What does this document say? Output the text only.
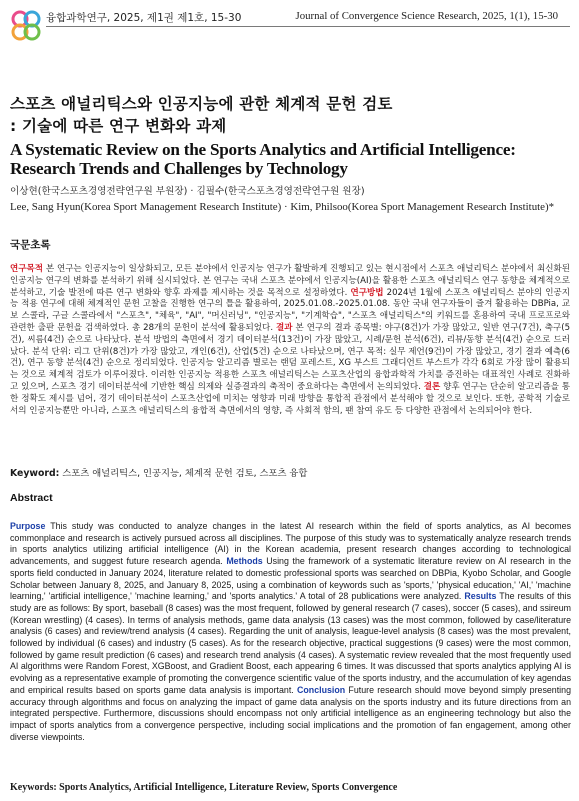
융합과학연구, 2025, 제1권 제1호, 15-30	Journal of Convergence Science Research, 2025, 1(1), 15-30
스포츠 애널리틱스와 인공지능에 관한 체계적 문헌 검토
: 기술에 따른 연구 변화와 과제
A Systematic Review on the Sports Analytics and Artificial Intelligence: Research Trends and Challenges by Technology
이상현(한국스포츠경영전략연구원 부원장) · 김필수(한국스포츠경영전략연구원 원장)
Lee, Sang Hyun(Korea Sport Management Research Institute) · Kim, Philsoo(Korea Sport Management Research Institute)*
국문초록
연구목적 본 연구는 인공지능이 일상화되고, 모든 분야에서 인공지능 연구가 활발하게 진행되고 있는 현시점에서 스포츠 애널리틱스 분야에서 최신화된 인공지능 연구의 변화를 분석하기 위해 실시되었다. 본 연구는 국내 스포츠 분야에서 인공지능(AI)을 활용한 스포츠 애널리틱스 연구 동향을 체계적으로 분석하고, 기술 발전에 따른 연구 변화와 향후 과제를 제시하는 것을 목적으로 설정하였다. 연구방법 2024년 1월에 스포츠 애널리틱스 분야의 인공지능 적용 연구에 대해 체계적인 문헌 고찰을 진행한 연구의 틀을 활용하여, 2025.01.08.-2025.01.08. 동안 국내 연구자들이 즐겨 활용하는 DBPia, 교보 스콜라, 구글 스콜라에서 "스포츠", "체육", "AI", "머신러닝", "인공지능", "기계학습", "스포츠 애널리틱스"의 키워드를 혼용하여 국내 프로프로와 관련한 출판 문헌을 검색하였다. 총 28개의 문헌이 분석에 활용되었다. 결과 본 연구의 결과 종목별: 야구(8건)가 가장 많았고, 일반 연구(7건), 축구(5건), 씨름(4건) 순으로 나타났다. 분석 방법의 측면에서 경기 데이터분석(13건)이 가장 많았고, 시례/문헌 분석(6건), 리뷰/동향 분석(4건) 순으로 드러났다. 분석 단위: 리그 단위(8건)가 가장 많았고, 개인(6건), 산업(5건) 순으로 나타났으며, 연구 목적: 실무 제언(9건)이 가장 많았고, 경기 결과 예측(6건), 연구 동향 분석(4건) 순으로 정리되었다. 인공지능 알고리즘 별로는 랜덤 포레스트, XG 부스트 그래디언트 부스트가 각각 6회로 가장 많이 활용되는 것으로 체계적 검토가 이루어졌다. 이러한 인공지능 적용한 스포츠 애널리틱스는 스포츠산업의 융합과학적 가치를 증진하는 대표적인 사례로 진화하고 있으며, 스포츠 경기 데이터분석에 기반한 핵심 의제와 실증결과의 축적이 중요하다는 측면에서 논의되었다. 결론 향후 연구는 단순히 알고리즘을 통한 정확도 제시를 넘어, 경기 데이터분석이 스포츠산업에 미치는 영향과 미래 방향을 통합적 관점에서 분석해야 할 것으로 보인다. 또한, 공학적 기술로서의 인공지능뿐만 아니라, 스포츠 애널리틱스의 융합적 측면에서의 영향, 즉 사회적 함의, 팬 참여 유도 등 다양한 관점에서 논의되어야 한다.
Keyword: 스포츠 애널리틱스, 인공지능, 체계적 문헌 검토, 스포츠 융합
Abstract
Purpose This study was conducted to analyze changes in the latest AI research within the field of sports analytics, as AI becomes commonplace and research is actively pursued across all disciplines. The purpose of this study was to systematically analyze research trends in sports analytics utilizing artificial intelligence (AI) in the Korean academia, present research changes according to technological advancements, and suggest future research agenda. Methods Using the framework of a systematic literature review on AI research in the sports field conducted in January 2024, literature related to domestic professional sports was searched on DBPia, Kyobo Scholar, and Google Scholar between January 8, 2025, and January 8, 2025, using a combination of keywords such as 'sports,' 'physical education,' 'AI,' 'machine learning,' 'artificial intelligence,' 'machine learning,' and 'sports analytics.' A total of 28 publications were analyzed. Results The results of this study are as follows: By sport, baseball (8 cases) was the most frequent, followed by general research (7 cases), soccer (5 cases), and ssireum (Korean wrestling) (4 cases). In terms of analysis methods, game data analysis (13 cases) was the most common, followed by case/literature analysis (6 cases) and review/trend analysis (4 cases). Regarding the unit of analysis, league-level analysis (8 cases) was the most prevalent, followed by individual (6 cases) and industry (5 cases). As for the research objective, practical suggestions (9 cases) were the most common, followed by game result prediction (6 cases) and research trend analysis (4 cases). A systematic review revealed that the most frequently used AI algorithms were Random Forest, XGBoost, and Gradient Boost, each appearing 6 times. It was discussed that sports analytics applying AI is evolving as a representative example of promoting the convergence scientific value of the sports industry, and the accumulation of key agendas and empirical results based on sports game data analysis is important. Conclusion Future research should move beyond simply presenting accuracy through algorithms and focus on analyzing the impact of game data analysis on the sports industry and its future directions from an integrated perspective. Furthermore, discussions should encompass not only artificial intelligence as an engineering technology but also the impact of sports analytics from a convergence perspective, including social implications and the promotion of fan engagement, among other diverse viewpoints.
Keywords: Sports Analytics, Artificial Intelligence, Literature Review, Sports Convergence
